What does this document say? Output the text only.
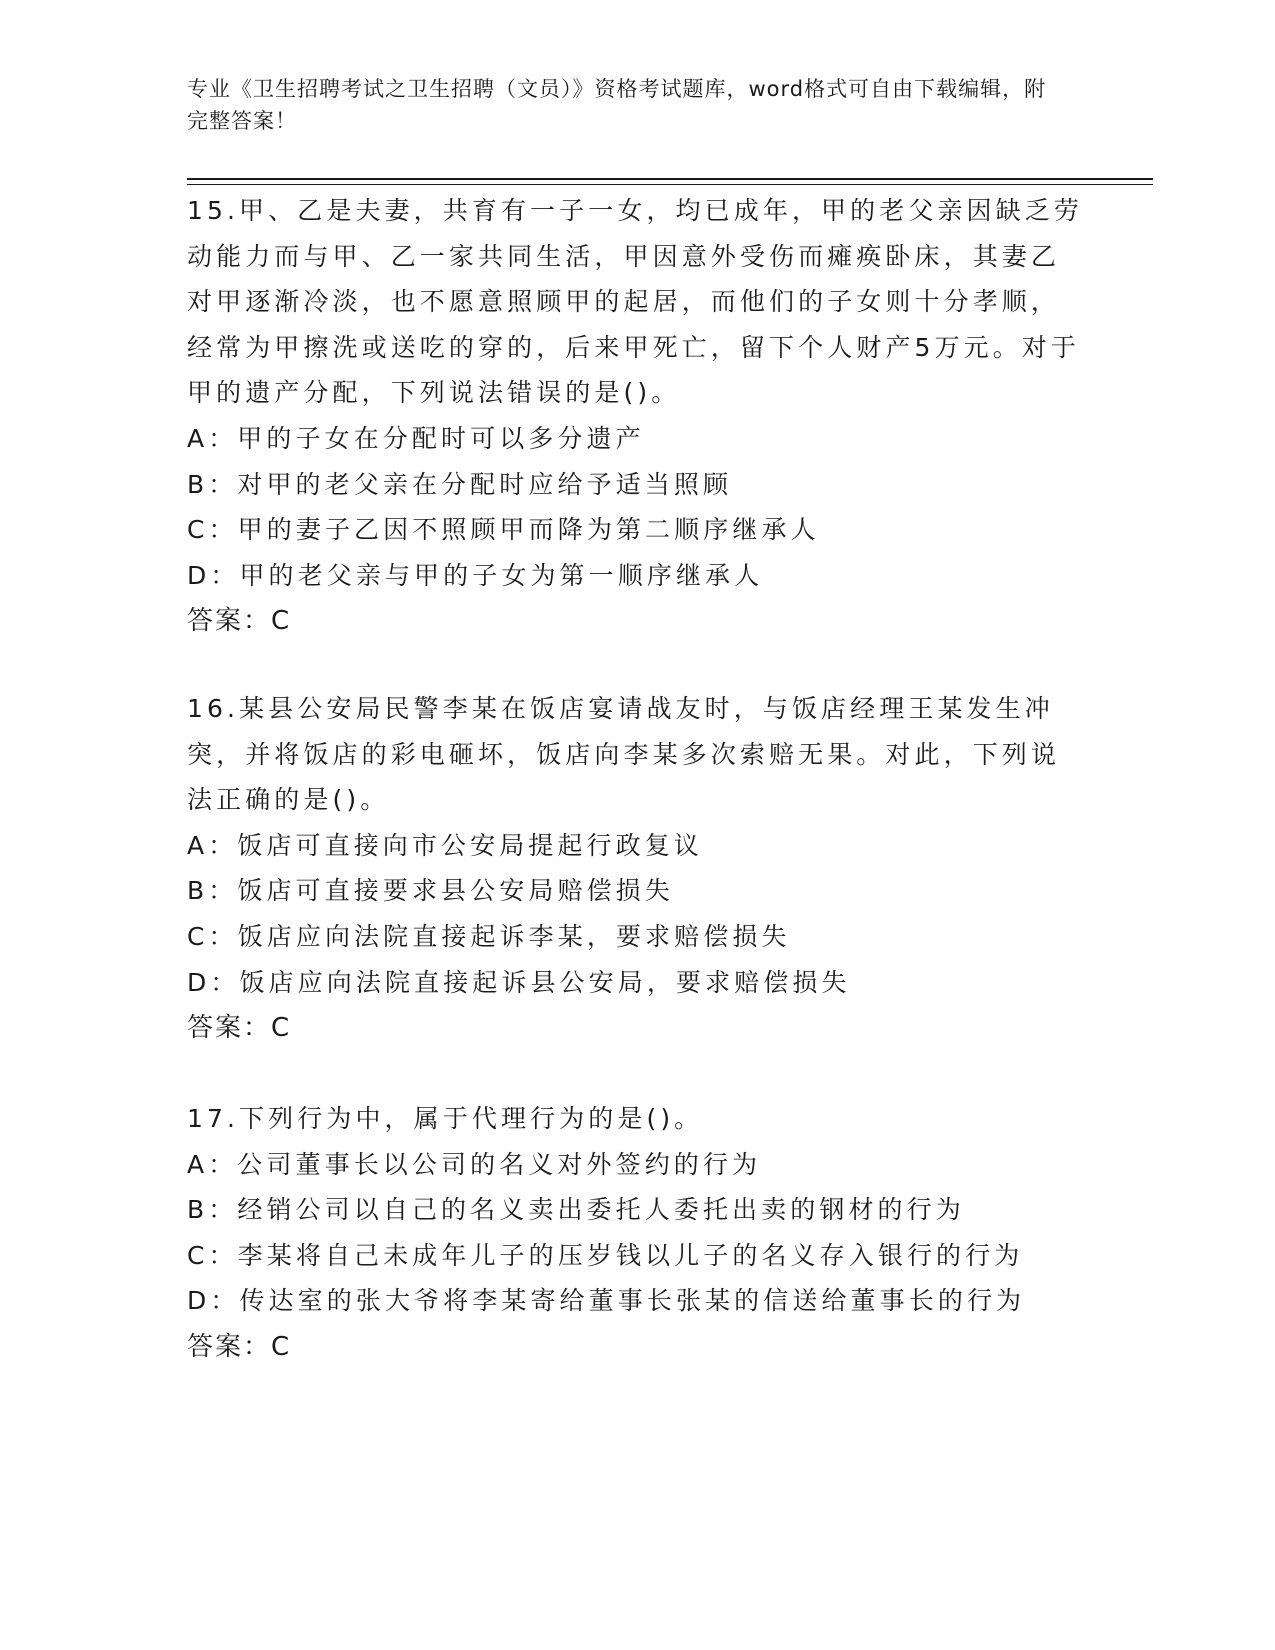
专业《卫生招聘考试之卫生招聘（文员）》资格考试题库，word格式可自由下载编辑，附完整答案！

15.甲、乙是夫妻，共育有一子一女，均已成年，甲的老父亲因缺乏劳动能力而与甲、乙一家共同生活，甲因意外受伤而瘫痪卧床，其妻乙对甲逐渐冷淡，也不愿意照顾甲的起居，而他们的子女则十分孝顺，经常为甲擦洗或送吃的穿的，后来甲死亡，留下个人财产5万元。对于甲的遗产分配，下列说法错误的是()。

A：甲的子女在分配时可以多分遗产

B：对甲的老父亲在分配时应给予适当照顾

C：甲的妻子乙因不照顾甲而降为第二顺序继承人

D：甲的老父亲与甲的子女为第一顺序继承人

答案：C

16.某县公安局民警李某在饭店宴请战友时，与饭店经理王某发生冲突，并将饭店的彩电砸坏，饭店向李某多次索赔无果。对此，下列说法正确的是()。

A：饭店可直接向市公安局提起行政复议

B：饭店可直接要求县公安局赔偿损失

C：饭店应向法院直接起诉李某，要求赔偿损失

D：饭店应向法院直接起诉县公安局，要求赔偿损失

答案：C

17.下列行为中，属于代理行为的是()。

A：公司董事长以公司的名义对外签约的行为

B：经销公司以自己的名义卖出委托人委托出卖的钢材的行为

C：李某将自己未成年儿子的压岁钱以儿子的名义存入银行的行为

D：传达室的张大爷将李某寄给董事长张某的信送给董事长的行为

答案：C
